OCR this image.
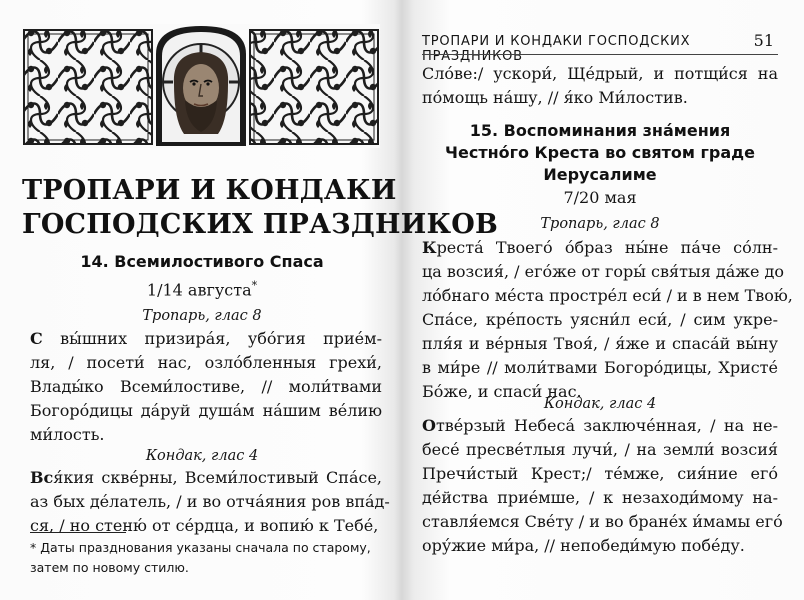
ТРОПАРИ И КОНДАКИ
ГОСПОДСКИХ ПРАЗДНИКОВ
14. Всемилостивого Спаса
1/14 августа*
Тропарь, глас 8
С вы́шних призира́я, убо́гия прие́м-
ля, / посети́ нас, озло́бленныя грехи́,
Влады́ко Всеми́лостиве, // моли́твами
Богоро́дицы да́руй душа́м на́шим ве́лию
ми́лость.
Кондак, глас 4
Вся́кия скве́рны, Всеми́лостивый Спа́се,
аз бых де́латель, / и во отча́яния ров впа́д-
ся, / но стеню́ от се́рдца, и вопию́ к Тебе́,
* Даты празднования указаны сначала по старому,
затем по новому стилю.
ТРОПАРИ И КОНДАКИ ГОСПОДСКИХ ПРАЗДНИКОВ
51
Сло́ве:/ ускори́, Ще́дрый, и потщи́ся на
по́мощь на́шу, // я́ко Ми́лостив.
15. Воспоминания зна́мения
Честно́го Креста во святом граде
Иерусалиме
7/20 мая
Тропарь, глас 8
Креста́ Твоего́ о́браз ны́не па́че со́лн-
ца возсия́, / его́же от горы́ свя́тыя да́же до
ло́бнаго ме́ста простре́л еси́ / и в нем Твою́,
Спа́се, кре́пость уясни́л еси́, / сим укре-
пля́я и ве́рныя Твоя́, / я́же и спаса́й вы́ну
в ми́ре // моли́твами Богоро́дицы, Христе́
Бо́же, и спаси́ нас.
Кондак, глас 4
Отве́рзый Небеса́ заключе́нная, / на не-
бесе́ пресве́тлыя лучи́, / на земли́ возсия́
Пречи́стый Крест;/ те́мже, сия́ние его́
де́йства прие́мше, / к незаходи́мому на-
ставля́емся Све́ту / и во бране́х и́мамы его́
ору́жие ми́ра, // непобеди́мую побе́ду.
